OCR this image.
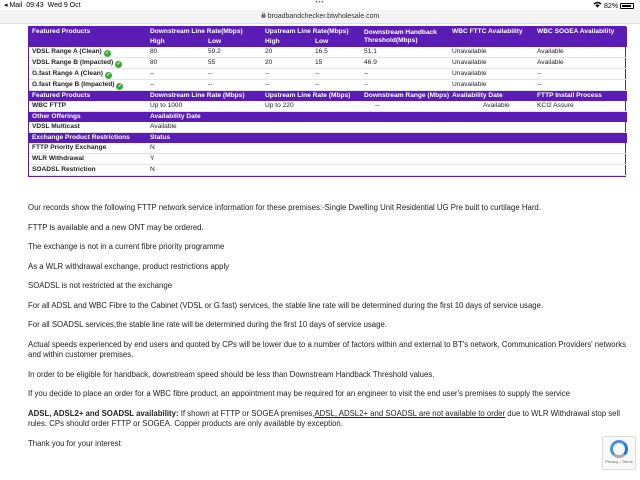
◂ Mail 09:43 Wed 9 Oct	•••	82%
broadbandchecker.btwholesale.com
Featured Products	Downstream Line Rate(Mbps)		Upstream Line Rate(Mbps)		Downstream Handback Threshold(Mbps)	WBC FTTC Availability	WBC SOGEA Availability
	High	Low	High	Low			
VDSL Range A (Clean) ✓	80	59.2	20	16.5	51.1	Unavailable	Available
VDSL Range B (Impacted) ✓	80	55	20	15	46.9	Unavailable	Available
G.fast Range A (Clean) ✓	--	--	--	--	--	Unavailable	--
G.fast Range B (Impacted) ✓	--	--	--	--	--	Unavailable	--
Featured Products	Downstream Line Rate (Mbps)		Upstream Line Rate (Mbps)		Downstream Range (Mbps)	Availability Date	FTTP Install Process
WBC FTTP	Up to 1000		Up to 220		--	Available	KCI2 Assure
Other Offerings	Availability Date						
VDSL Multicast	Available						
Exchange Product Restrictions	Status						
FTTP Priority Exchange	N						
WLR Withdrawal	Y						
SOADSL Restriction	N						

Our records show the following FTTP network service information for these premises:-Single Dwelling Unit Residential UG Pre built to curtilage Hard.

FTTP is available and a new ONT may be ordered.

The exchange is not in a current fibre priority programme

As a WLR withdrawal exchange, product restrictions apply

SOADSL is not restricted at the exchange

For all ADSL and WBC Fibre to the Cabinet (VDSL or G.fast) services, the stable line rate will be determined during the first 10 days of service usage.

For all SOADSL services,the stable line rate will be determined during the first 10 days of service usage.

Actual speeds experienced by end users and quoted by CPs will be lower due to a number of factors within and external to BT's network, Communication Providers' networks and within customer premises.

In order to be eligible for handback, downstream speed should be less than Downstream Handback Threshold values.

If you decide to place an order for a WBC fibre product, an appointment may be required for an engineer to visit the end user's premises to supply the service

ADSL, ADSL2+ and SOADSL availability: If shown at FTTP or SOGEA premises,ADSL, ADSL2+ and SOADSL are not available to order due to WLR Withdrawal stop sell rules. CPs should order FTTP or SOGEA. Copper products are only available by exception.

Thank you for your interest

Privacy - Terms
